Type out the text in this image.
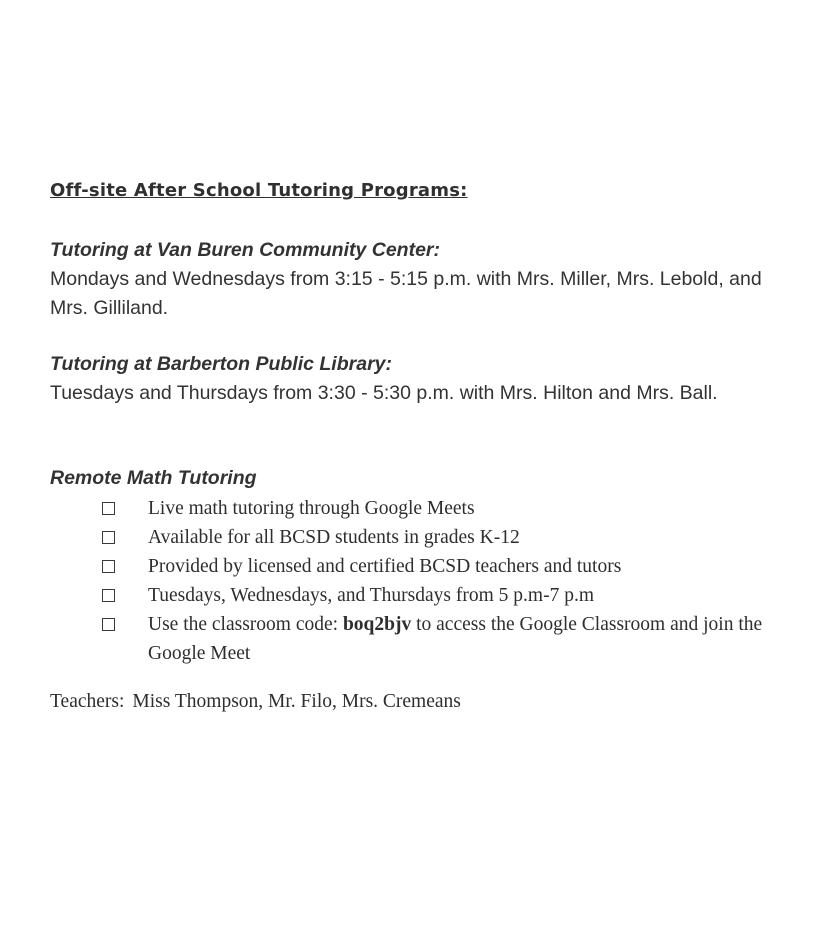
Off-site After School Tutoring Programs:
Tutoring at Van Buren Community Center:
Mondays and Wednesdays from 3:15 - 5:15 p.m. with Mrs. Miller, Mrs. Lebold, and Mrs. Gilliland.
Tutoring at Barberton Public Library:
Tuesdays and Thursdays from 3:30 - 5:30 p.m. with Mrs. Hilton and Mrs. Ball.
Remote Math Tutoring
Live math tutoring through Google Meets
Available for all BCSD students in grades K-12
Provided by licensed and certified BCSD teachers and tutors
Tuesdays, Wednesdays, and Thursdays from 5 p.m-7 p.m
Use the classroom code: boq2bjv to access the Google Classroom and join the Google Meet
Teachers: Miss Thompson, Mr. Filo, Mrs. Cremeans
